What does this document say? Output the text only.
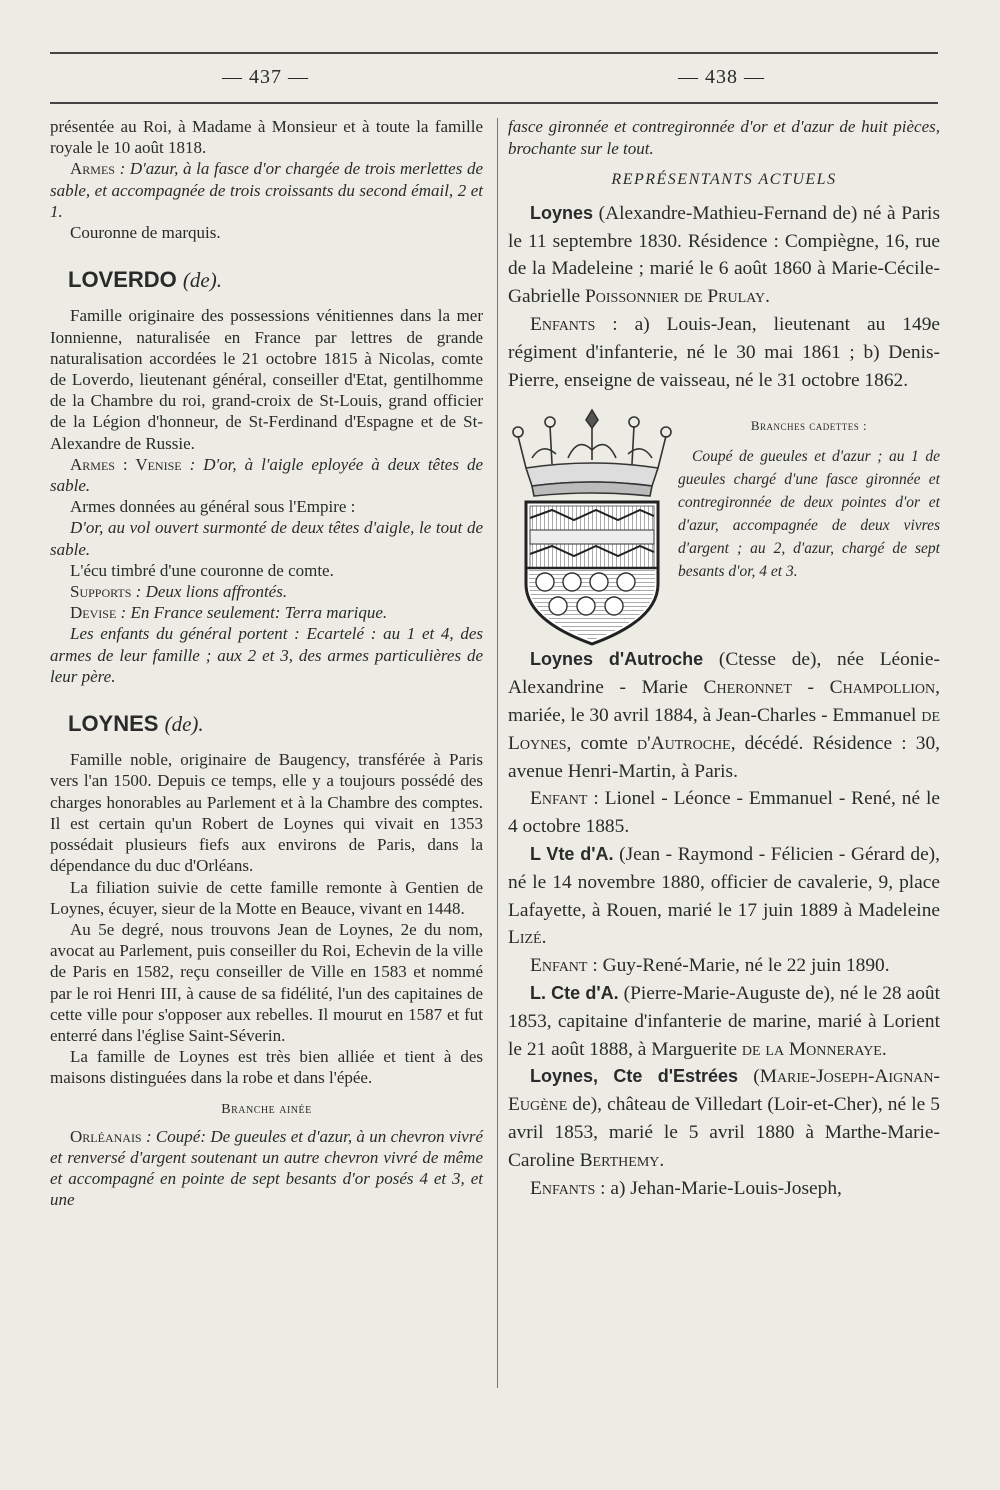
— 437 —	— 438 —

présentée au Roi, à Madame à Monsieur et à toute la famille royale le 10 août 1818.

Armes : D'azur, à la fasce d'or chargée de trois merlettes de sable, et accompagnée de trois croissants du second émail, 2 et 1.

Couronne de marquis.

LOVERDO (de).

Famille originaire des possessions vénitiennes dans la mer Ionnienne, naturalisée en France par lettres de grande naturalisation accordées le 21 octobre 1815 à Nicolas, comte de Loverdo, lieutenant général, conseiller d'Etat, gentilhomme de la Chambre du roi, grand-croix de St-Louis, grand officier de la Légion d'honneur, de St-Ferdinand d'Espagne et de St-Alexandre de Russie.

Armes : Venise : D'or, à l'aigle eployée à deux têtes de sable.

Armes données au général sous l'Empire :

D'or, au vol ouvert surmonté de deux têtes d'aigle, le tout de sable.

L'écu timbré d'une couronne de comte.

Supports : Deux lions affrontés.

Devise : En France seulement: Terra marique.

Les enfants du général portent : Ecartelé : au 1 et 4, des armes de leur famille ; aux 2 et 3, des armes particulières de leur père.

LOYNES (de).

Famille noble, originaire de Baugency, transférée à Paris vers l'an 1500. Depuis ce temps, elle y a toujours possédé des charges honorables au Parlement et à la Chambre des comptes. Il est certain qu'un Robert de Loynes qui vivait en 1353 possédait plusieurs fiefs aux environs de Paris, dans la dépendance du duc d'Orléans.

La filiation suivie de cette famille remonte à Gentien de Loynes, écuyer, sieur de la Motte en Beauce, vivant en 1448.

Au 5e degré, nous trouvons Jean de Loynes, 2e du nom, avocat au Parlement, puis conseiller du Roi, Echevin de la ville de Paris en 1582, reçu conseiller de Ville en 1583 et nommé par le roi Henri III, à cause de sa fidélité, l'un des capitaines de cette ville pour s'opposer aux rebelles. Il mourut en 1587 et fut enterré dans l'église Saint-Séverin.

La famille de Loynes est très bien alliée et tient à des maisons distinguées dans la robe et dans l'épée.

Branche ainée

Orléanais : Coupé: De gueules et d'azur, à un chevron vivré et renversé d'argent soutenant un autre chevron vivré de même et accompagné en pointe de sept besants d'or posés 4 et 3, et une

fasce gironnée et contregironnée d'or et d'azur de huit pièces, brochante sur le tout.

REPRÉSENTANTS ACTUELS

Loynes (Alexandre-Mathieu-Fernand de) né à Paris le 11 septembre 1830. Résidence : Compiègne, 16, rue de la Madeleine ; marié le 6 août 1860 à Marie-Cécile-Gabrielle Poissonnier de Prulay.

Enfants : a) Louis-Jean, lieutenant au 149e régiment d'infanterie, né le 30 mai 1861 ; b) Denis-Pierre, enseigne de vaisseau, né le 31 octobre 1862.

Branches cadettes :

Coupé de gueules et d'azur ; au 1 de gueules chargé d'une fasce gironnée et contregironnée de deux pointes d'or et d'azur, accompagnée de deux vivres d'argent ; au 2, d'azur, chargé de sept besants d'or, 4 et 3.

Loynes d'Autroche (Ctesse de), née Léonie-Alexandrine - Marie Cheronnet - Champollion, mariée, le 30 avril 1884, à Jean-Charles - Emmanuel de Loynes, comte d'Autroche, décédé. Résidence : 30, avenue Henri-Martin, à Paris.

Enfant : Lionel - Léonce - Emmanuel - René, né le 4 octobre 1885.

L Vte d'A. (Jean - Raymond - Félicien - Gérard de), né le 14 novembre 1880, officier de cavalerie, 9, place Lafayette, à Rouen, marié le 17 juin 1889 à Madeleine Lizé.

Enfant : Guy-René-Marie, né le 22 juin 1890.

L. Cte d'A. (Pierre-Marie-Auguste de), né le 28 août 1853, capitaine d'infanterie de marine, marié à Lorient le 21 août 1888, à Marguerite de la Monneraye.

Loynes, Cte d'Estrées (Marie-Joseph-Aignan-Eugène de), château de Villedart (Loir-et-Cher), né le 5 avril 1853, marié le 5 avril 1880 à Marthe-Marie-Caroline Berthemy.

Enfants : a) Jehan-Marie-Louis-Joseph,
